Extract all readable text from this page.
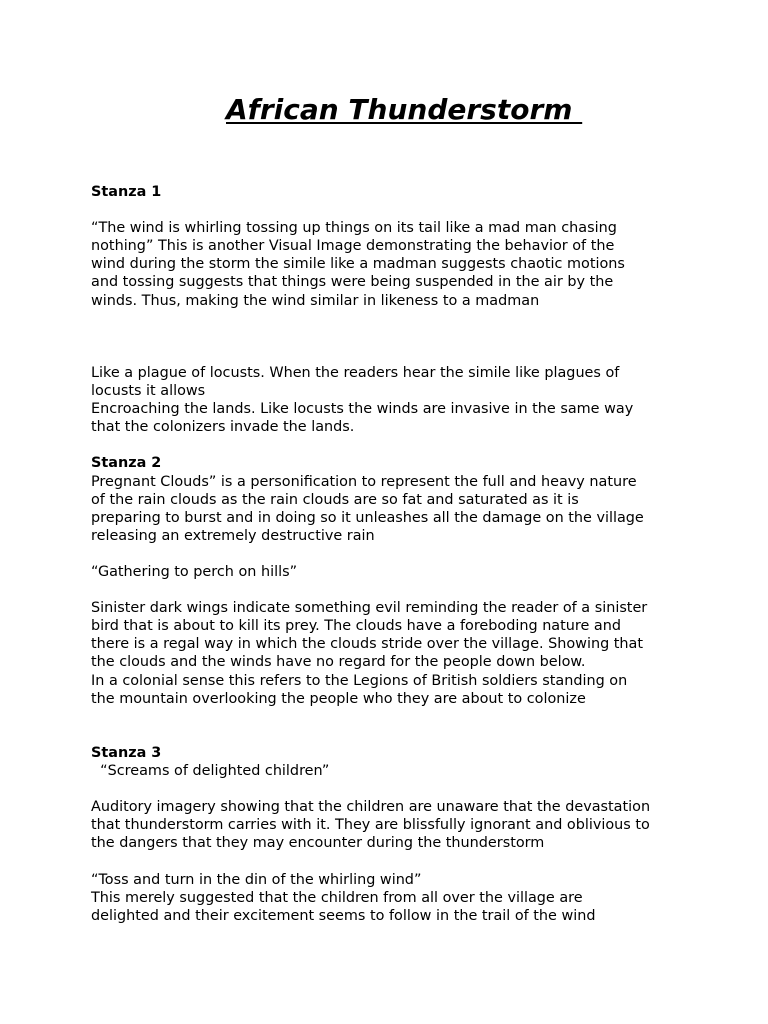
African Thunderstorm

Stanza 1

“The wind is whirling tossing up things on its tail like a mad man chasing

nothing” This is another Visual Image demonstrating the behavior of the

wind during the storm the simile like a madman suggests chaotic motions

and tossing suggests that things were being suspended in the air by the

winds. Thus, making the wind similar in likeness to a madman

Like a plague of locusts. When the readers hear the simile like plagues of

locusts it allows

Encroaching the lands. Like locusts the winds are invasive in the same way

that the colonizers invade the lands.

Stanza 2

Pregnant Clouds” is a personification to represent the full and heavy nature

of the rain clouds as the rain clouds are so fat and saturated as it is

preparing to burst and in doing so it unleashes all the damage on the village

releasing an extremely destructive rain

“Gathering to perch on hills”

Sinister dark wings indicate something evil reminding the reader of a sinister

bird that is about to kill its prey. The clouds have a foreboding nature and

there is a regal way in which the clouds stride over the village. Showing that

the clouds and the winds have no regard for the people down below.

In a colonial sense this refers to the Legions of British soldiers standing on

the mountain overlooking the people who they are about to colonize

Stanza 3

“Screams of delighted children”

Auditory imagery showing that the children are unaware that the devastation

that thunderstorm carries with it. They are blissfully ignorant and oblivious to

the dangers that they may encounter during the thunderstorm

“Toss and turn in the din of the whirling wind”

This merely suggested that the children from all over the village are

delighted and their excitement seems to follow in the trail of the wind
